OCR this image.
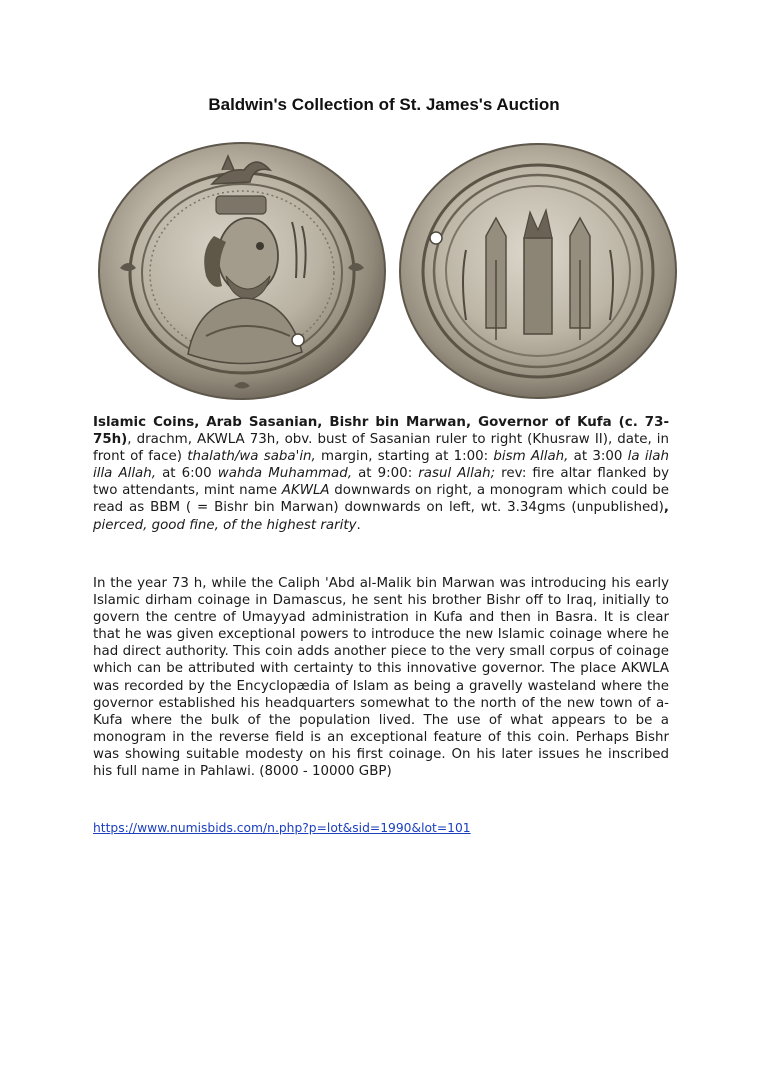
Baldwin's Collection of St. James's Auction
Islamic Coins, Arab Sasanian, Bishr bin Marwan, Governor of Kufa (c. 73-75h), drachm, AKWLA 73h, obv. bust of Sasanian ruler to right (Khusraw II), date, in front of face) thalath/wa saba'in, margin, starting at 1:00: bism Allah, at 3:00 la ilah illa Allah, at 6:00 wahda Muhammad, at 9:00: rasul Allah; rev: fire altar flanked by two attendants, mint name AKWLA downwards on right, a monogram which could be read as BBM ( = Bishr bin Marwan) downwards on left, wt. 3.34gms (unpublished), pierced, good fine, of the highest rarity.
In the year 73 h, while the Caliph 'Abd al-Malik bin Marwan was introducing his early Islamic dirham coinage in Damascus, he sent his brother Bishr off to Iraq, initially to govern the centre of Umayyad administration in Kufa and then in Basra. It is clear that he was given exceptional powers to introduce the new Islamic coinage where he had direct authority. This coin adds another piece to the very small corpus of coinage which can be attributed with certainty to this innovative governor. The place AKWLA was recorded by the Encyclopædia of Islam as being a gravelly wasteland where the governor established his headquarters somewhat to the north of the new town of a-Kufa where the bulk of the population lived. The use of what appears to be a monogram in the reverse field is an exceptional feature of this coin. Perhaps Bishr was showing suitable modesty on his first coinage. On his later issues he inscribed his full name in Pahlawi. (8000 - 10000 GBP)
https://www.numisbids.com/n.php?p=lot&sid=1990&lot=101
